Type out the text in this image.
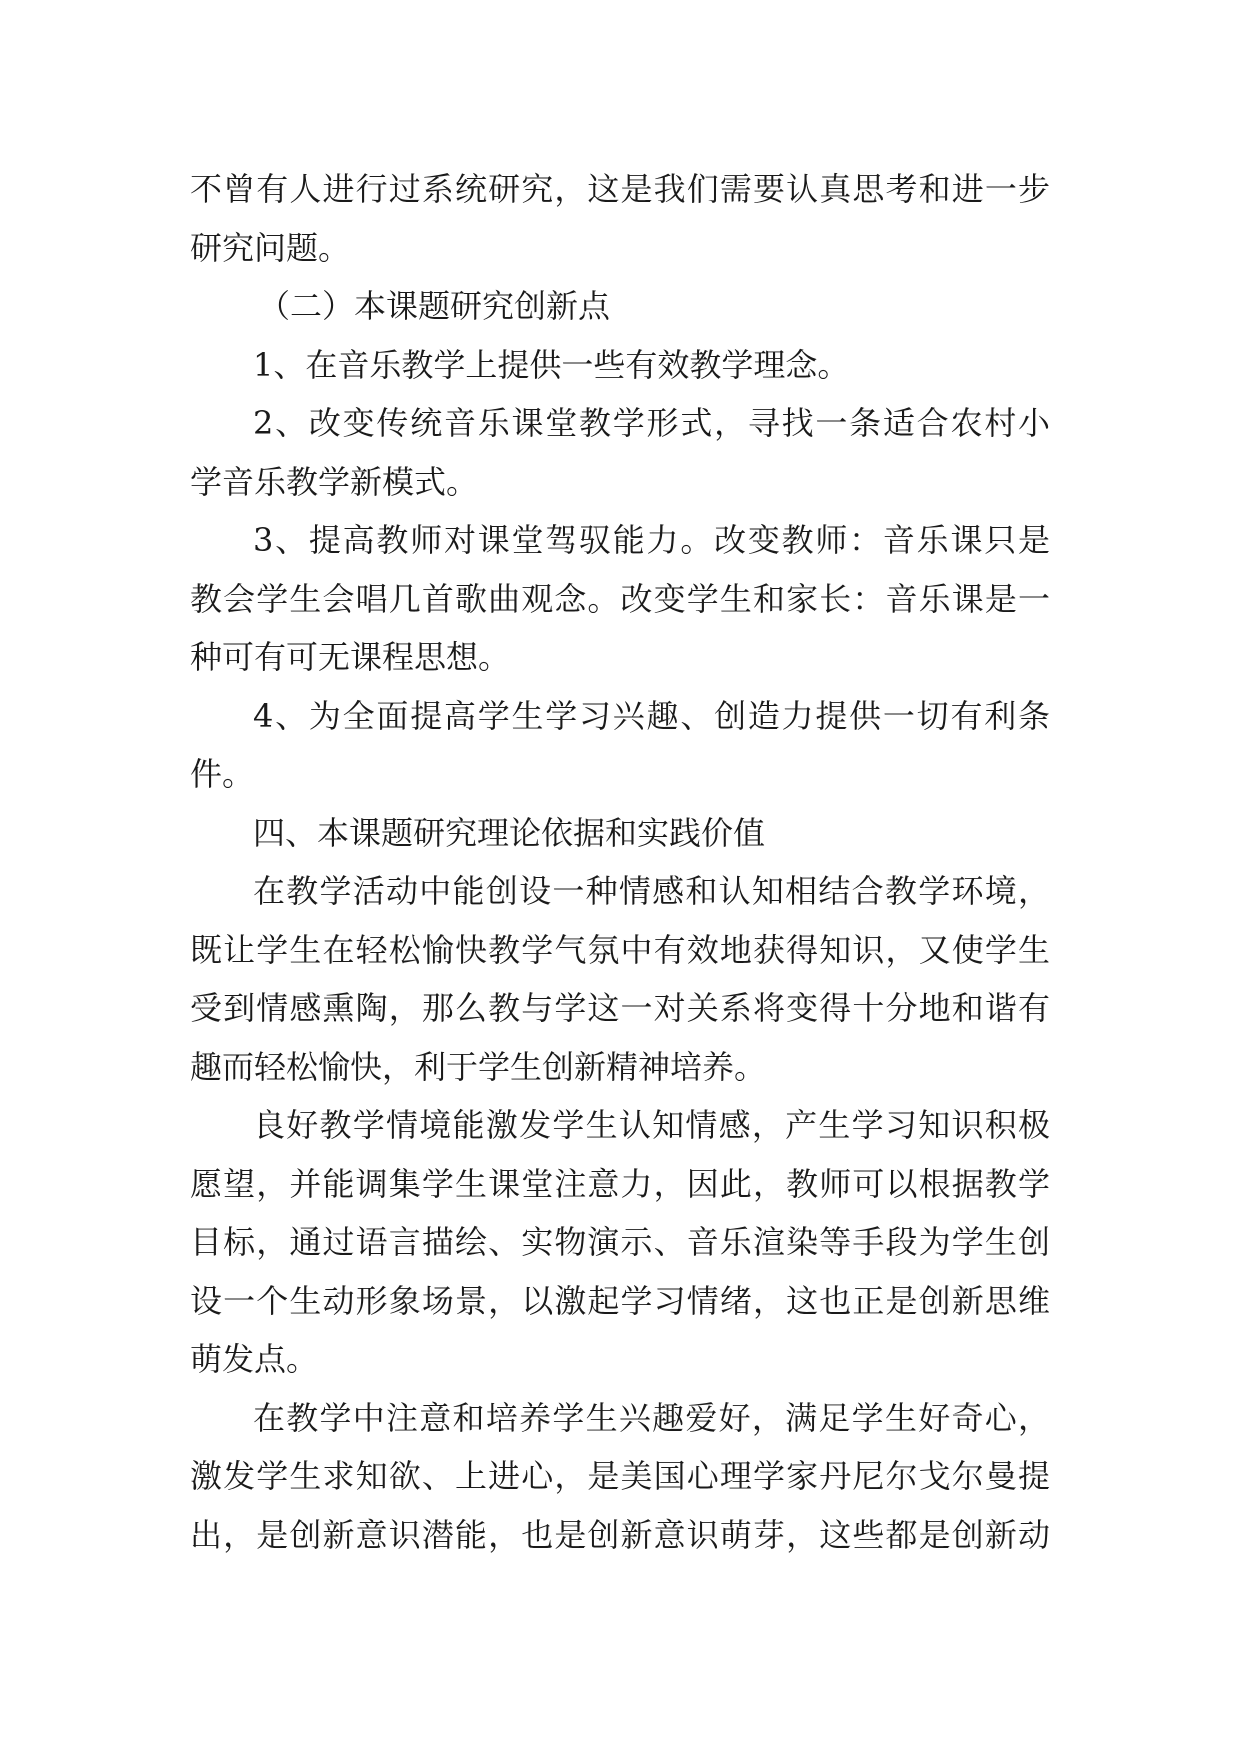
不曾有人进行过系统研究，这是我们需要认真思考和进一步
研究问题。
（二）本课题研究创新点
1、在音乐教学上提供一些有效教学理念。
2、改变传统音乐课堂教学形式，寻找一条适合农村小
学音乐教学新模式。
3、提高教师对课堂驾驭能力。改变教师：音乐课只是
教会学生会唱几首歌曲观念。改变学生和家长：音乐课是一
种可有可无课程思想。
4、为全面提高学生学习兴趣、创造力提供一切有利条
件。
四、本课题研究理论依据和实践价值
在教学活动中能创设一种情感和认知相结合教学环境，
既让学生在轻松愉快教学气氛中有效地获得知识，又使学生
受到情感熏陶，那么教与学这一对关系将变得十分地和谐有
趣而轻松愉快，利于学生创新精神培养。
良好教学情境能激发学生认知情感，产生学习知识积极
愿望，并能调集学生课堂注意力，因此，教师可以根据教学
目标，通过语言描绘、实物演示、音乐渲染等手段为学生创
设一个生动形象场景，以激起学习情绪，这也正是创新思维
萌发点。
在教学中注意和培养学生兴趣爱好，满足学生好奇心，
激发学生求知欲、上进心，是美国心理学家丹尼尔戈尔曼提
出，是创新意识潜能，也是创新意识萌芽，这些都是创新动
